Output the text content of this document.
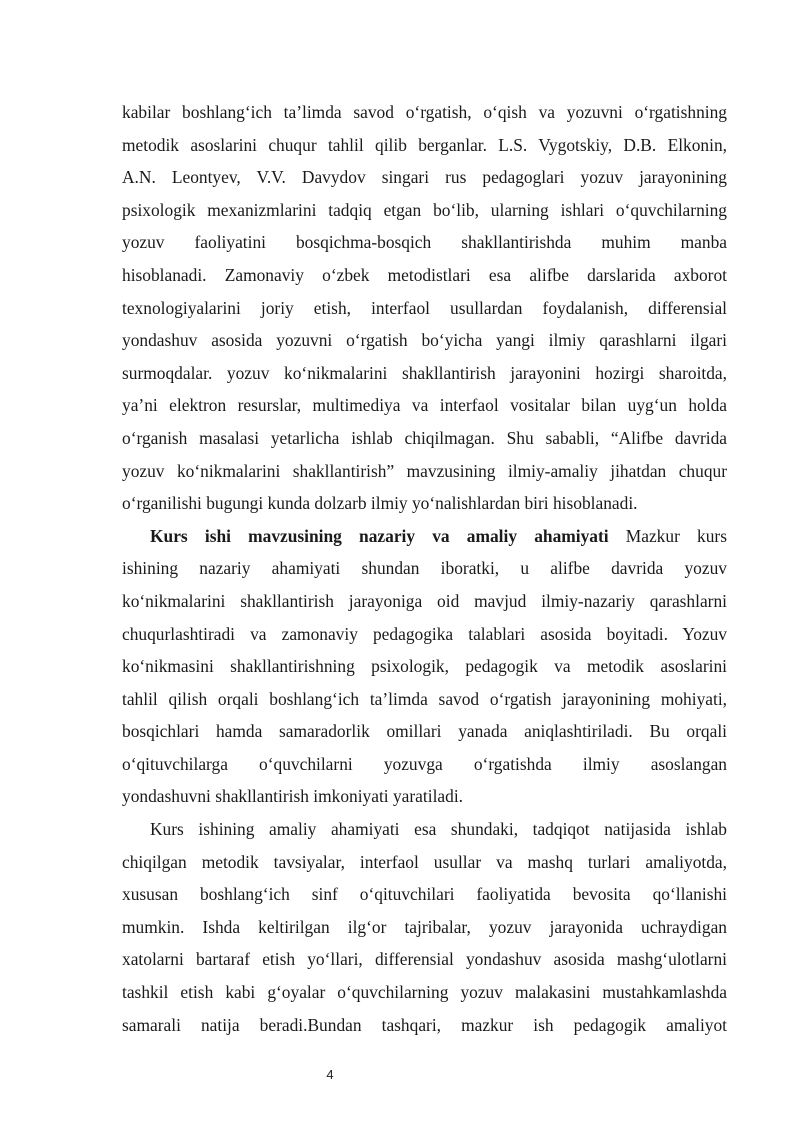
kabilar boshlang‘ich ta’limda savod o‘rgatish, o‘qish va yozuvni o‘rgatishning
metodik asoslarini chuqur tahlil qilib berganlar. L.S. Vygotskiy, D.B. Elkonin,
A.N. Leontyev, V.V. Davydov singari rus pedagoglari yozuv jarayonining
psixologik mexanizmlarini tadqiq etgan bo‘lib, ularning ishlari o‘quvchilarning
yozuv faoliyatini bosqichma-bosqich shakllantirishda muhim manba
hisoblanadi. Zamonaviy o‘zbek metodistlari esa alifbe darslarida axborot
texnologiyalarini joriy etish, interfaol usullardan foydalanish, differensial
yondashuv asosida yozuvni o‘rgatish bo‘yicha yangi ilmiy qarashlarni ilgari
surmoqdalar. yozuv ko‘nikmalarini shakllantirish jarayonini hozirgi sharoitda,
ya’ni elektron resurslar, multimediya va interfaol vositalar bilan uyg‘un holda
o‘rganish masalasi yetarlicha ishlab chiqilmagan. Shu sababli, “Alifbe davrida
yozuv ko‘nikmalarini shakllantirish” mavzusining ilmiy-amaliy jihatdan chuqur
o‘rganilishi bugungi kunda dolzarb ilmiy yo‘nalishlardan biri hisoblanadi.
Kurs ishi mavzusining nazariy va amaliy ahamiyati Mazkur kurs
ishining nazariy ahamiyati shundan iboratki, u alifbe davrida yozuv
ko‘nikmalarini shakllantirish jarayoniga oid mavjud ilmiy-nazariy qarashlarni
chuqurlashtiradi va zamonaviy pedagogika talablari asosida boyitadi. Yozuv
ko‘nikmasini shakllantirishning psixologik, pedagogik va metodik asoslarini
tahlil qilish orqali boshlang‘ich ta’limda savod o‘rgatish jarayonining mohiyati,
bosqichlari hamda samaradorlik omillari yanada aniqlashtiriladi. Bu orqali
o‘qituvchilarga o‘quvchilarni yozuvga o‘rgatishda ilmiy asoslangan
yondashuvni shakllantirish imkoniyati yaratiladi.
Kurs ishining amaliy ahamiyati esa shundaki, tadqiqot natijasida ishlab
chiqilgan metodik tavsiyalar, interfaol usullar va mashq turlari amaliyotda,
xususan boshlang‘ich sinf o‘qituvchilari faoliyatida bevosita qo‘llanishi
mumkin. Ishda keltirilgan ilg‘or tajribalar, yozuv jarayonida uchraydigan
xatolarni bartaraf etish yo‘llari, differensial yondashuv asosida mashg‘ulotlarni
tashkil etish kabi g‘oyalar o‘quvchilarning yozuv malakasini mustahkamlashda
samarali natija beradi.Bundan tashqari, mazkur ish pedagogik amaliyot
4
